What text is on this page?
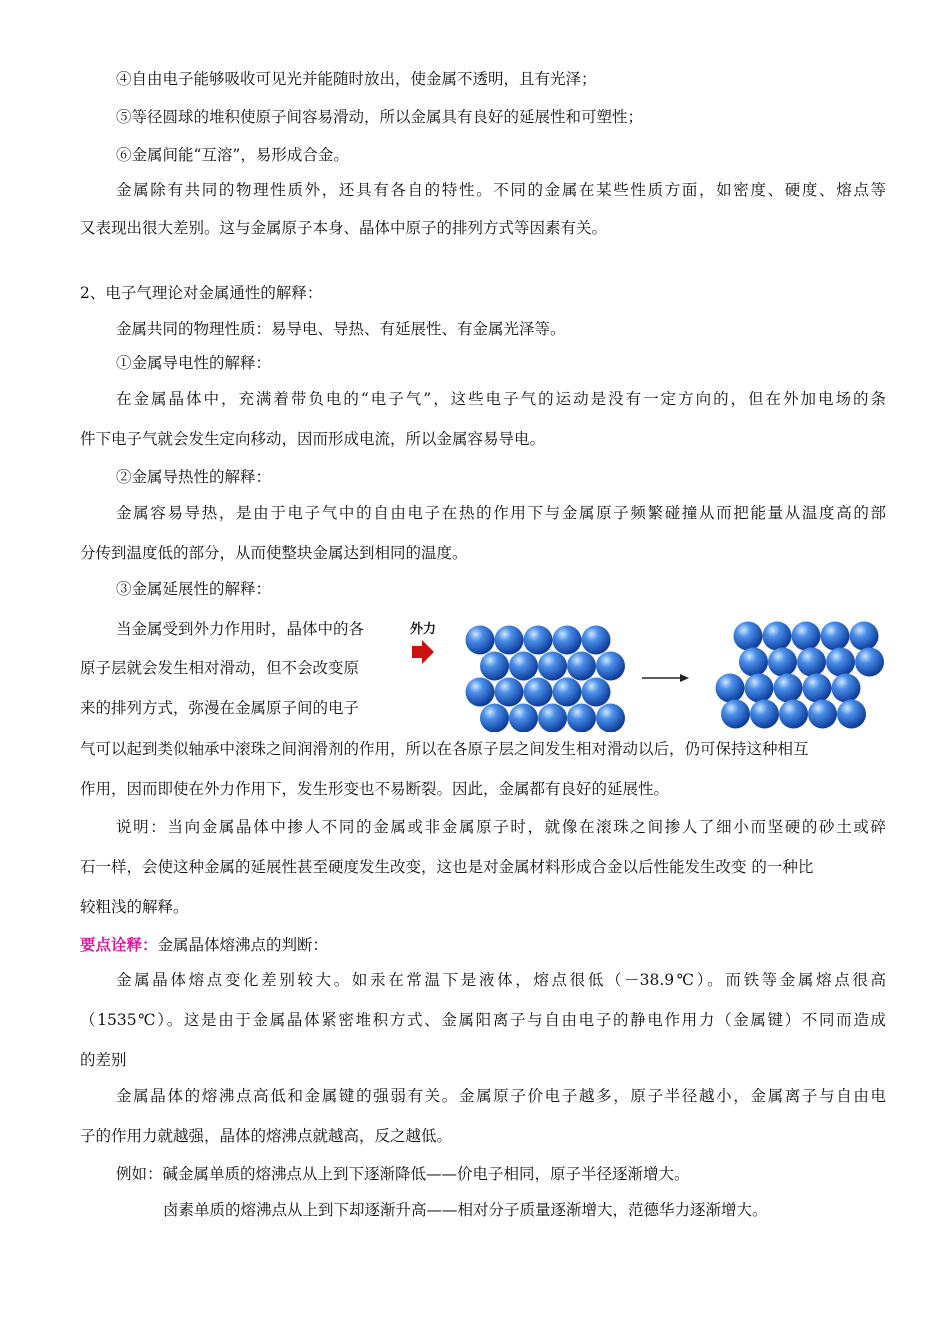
④自由电子能够吸收可见光并能随时放出，使金属不透明，且有光泽；
⑤等径圆球的堆积使原子间容易滑动，所以金属具有良好的延展性和可塑性；
⑥金属间能“互溶”，易形成合金。
金属除有共同的物理性质外，还具有各自的特性。不同的金属在某些性质方面，如密度、硬度、熔点等
又表现出很大差别。这与金属原子本身、晶体中原子的排列方式等因素有关。
2、电子气理论对金属通性的解释：
金属共同的物理性质：易导电、导热、有延展性、有金属光泽等。
①金属导电性的解释：
在金属晶体中，充满着带负电的“电子气”，这些电子气的运动是没有一定方向的，但在外加电场的条
件下电子气就会发生定向移动，因而形成电流，所以金属容易导电。
②金属导热性的解释：
金属容易导热，是由于电子气中的自由电子在热的作用下与金属原子频繁碰撞从而把能量从温度高的部
分传到温度低的部分，从而使整块金属达到相同的温度。
③金属延展性的解释：
当金属受到外力作用时，晶体中的各
原子层就会发生相对滑动，但不会改变原
来的排列方式，弥漫在金属原子间的电子
外力
气可以起到类似轴承中滚珠之间润滑剂的作用，所以在各原子层之间发生相对滑动以后，仍可保持这种相互
作用，因而即使在外力作用下，发生形变也不易断裂。因此，金属都有良好的延展性。
说明：当向金属晶体中掺人不同的金属或非金属原子时，就像在滚珠之间掺人了细小而坚硬的砂土或碎
石一样，会使这种金属的延展性甚至硬度发生改变，这也是对金属材料形成合金以后性能发生改变 的一种比
较粗浅的解释。
要点诠释：金属晶体熔沸点的判断：
金属晶体熔点变化差别较大。如汞在常温下是液体，熔点很低（－38.9℃）。而铁等金属熔点很高
（1535℃）。这是由于金属晶体紧密堆积方式、金属阳离子与自由电子的静电作用力（金属键）不同而造成
的差别
金属晶体的熔沸点高低和金属键的强弱有关。金属原子价电子越多，原子半径越小，金属离子与自由电
子的作用力就越强，晶体的熔沸点就越高，反之越低。
例如：碱金属单质的熔沸点从上到下逐渐降低——价电子相同，原子半径逐渐增大。
卤素单质的熔沸点从上到下却逐渐升高——相对分子质量逐渐增大，范德华力逐渐增大。
